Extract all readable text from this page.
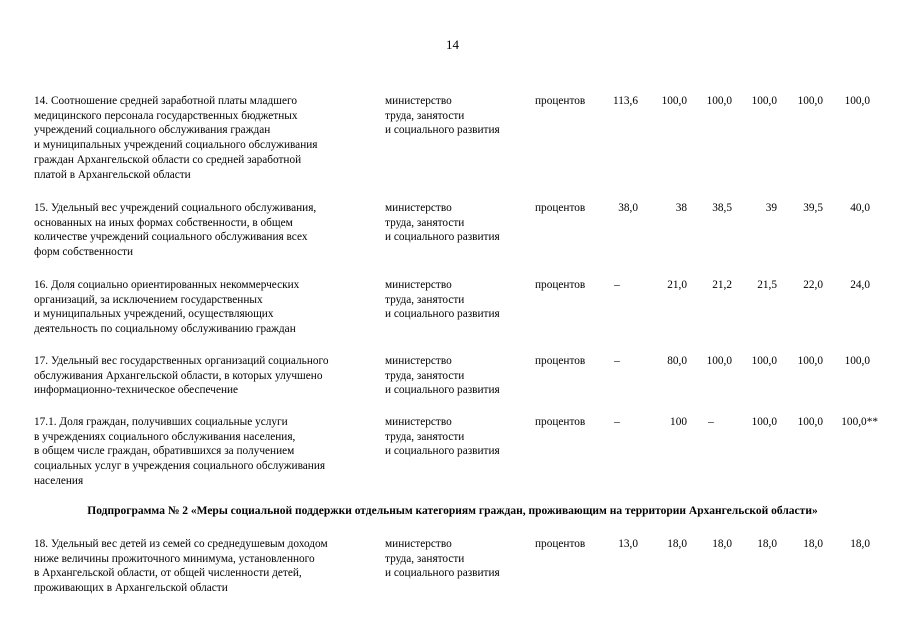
14
14. Соотношение средней заработной платы младшего
медицинского персонала государственных бюджетных
учреждений социального обслуживания граждан
и муниципальных учреждений социального обслуживания
граждан Архангельской области со средней заработной
платой в Архангельской области
министерство
труда, занятости
и социального развития
процентов	113,6	100,0	100,0	100,0	100,0	100,0
15. Удельный вес учреждений социального обслуживания,
основанных на иных формах собственности, в общем
количестве учреждений социального обслуживания всех
форм собственности
министерство
труда, занятости
и социального развития
процентов	38,0	38	38,5	39	39,5	40,0
16. Доля социально ориентированных некоммерческих
организаций, за исключением государственных
и муниципальных учреждений, осуществляющих
деятельность по социальному обслуживанию граждан
министерство
труда, занятости
и социального развития
процентов	–	21,0	21,2	21,5	22,0	24,0
17. Удельный вес государственных организаций социального
обслуживания Архангельской области, в которых улучшено
информационно-техническое обеспечение
министерство
труда, занятости
и социального развития
процентов	–	80,0	100,0	100,0	100,0	100,0
17.1. Доля граждан, получивших социальные услуги
в учреждениях социального обслуживания населения,
в общем числе граждан, обратившихся за получением
социальных услуг в учреждения социального обслуживания
населения
министерство
труда, занятости
и социального развития
процентов	–	100	–	100,0	100,0	100,0**
Подпрограмма № 2 «Меры социальной поддержки отдельным категориям граждан, проживающим на территории Архангельской области»
18. Удельный вес детей из семей со среднедушевым доходом
ниже величины прожиточного минимума, установленного
в Архангельской области, от общей численности детей,
проживающих в Архангельской области
министерство
труда, занятости
и социального развития
процентов	13,0	18,0	18,0	18,0	18,0	18,0
